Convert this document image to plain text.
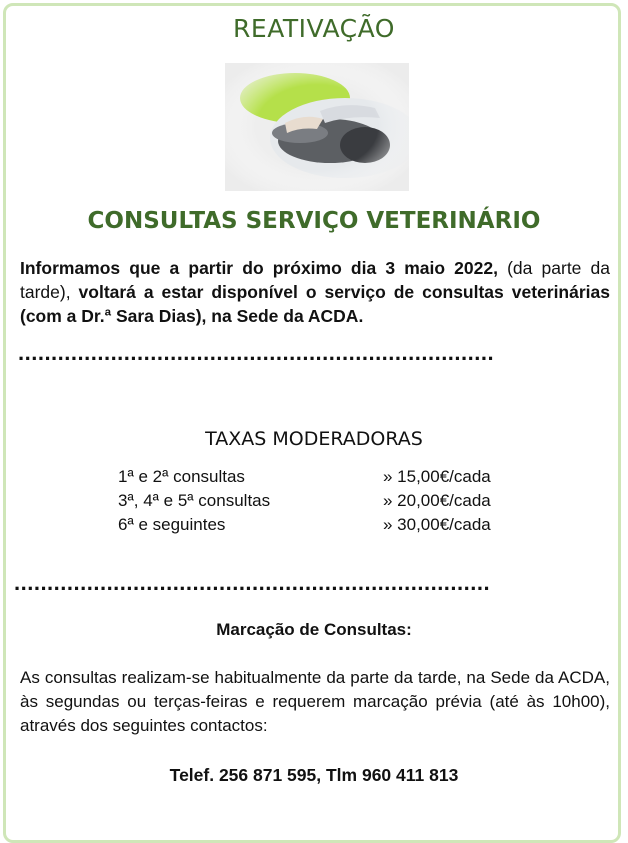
REATIVAÇÃO
CONSULTAS SERVIÇO VETERINÁRIO
Informamos que a partir do próximo dia 3 maio 2022, (da parte da tarde), voltará a estar disponível o serviço de consultas veterinárias (com a Dr.ª Sara Dias), na Sede da ACDA.
........................................................................
TAXAS MODERADORAS
1ª e 2ª consultas	» 15,00€/cada
3ª, 4ª e 5ª consultas	» 20,00€/cada
6ª e seguintes	» 30,00€/cada
........................................................................
Marcação de Consultas:
As consultas realizam-se habitualmente da parte da tarde, na Sede da ACDA, às segundas ou terças-feiras e requerem marcação prévia (até às 10h00), através dos seguintes contactos:
Telef. 256 871 595, Tlm 960 411 813
